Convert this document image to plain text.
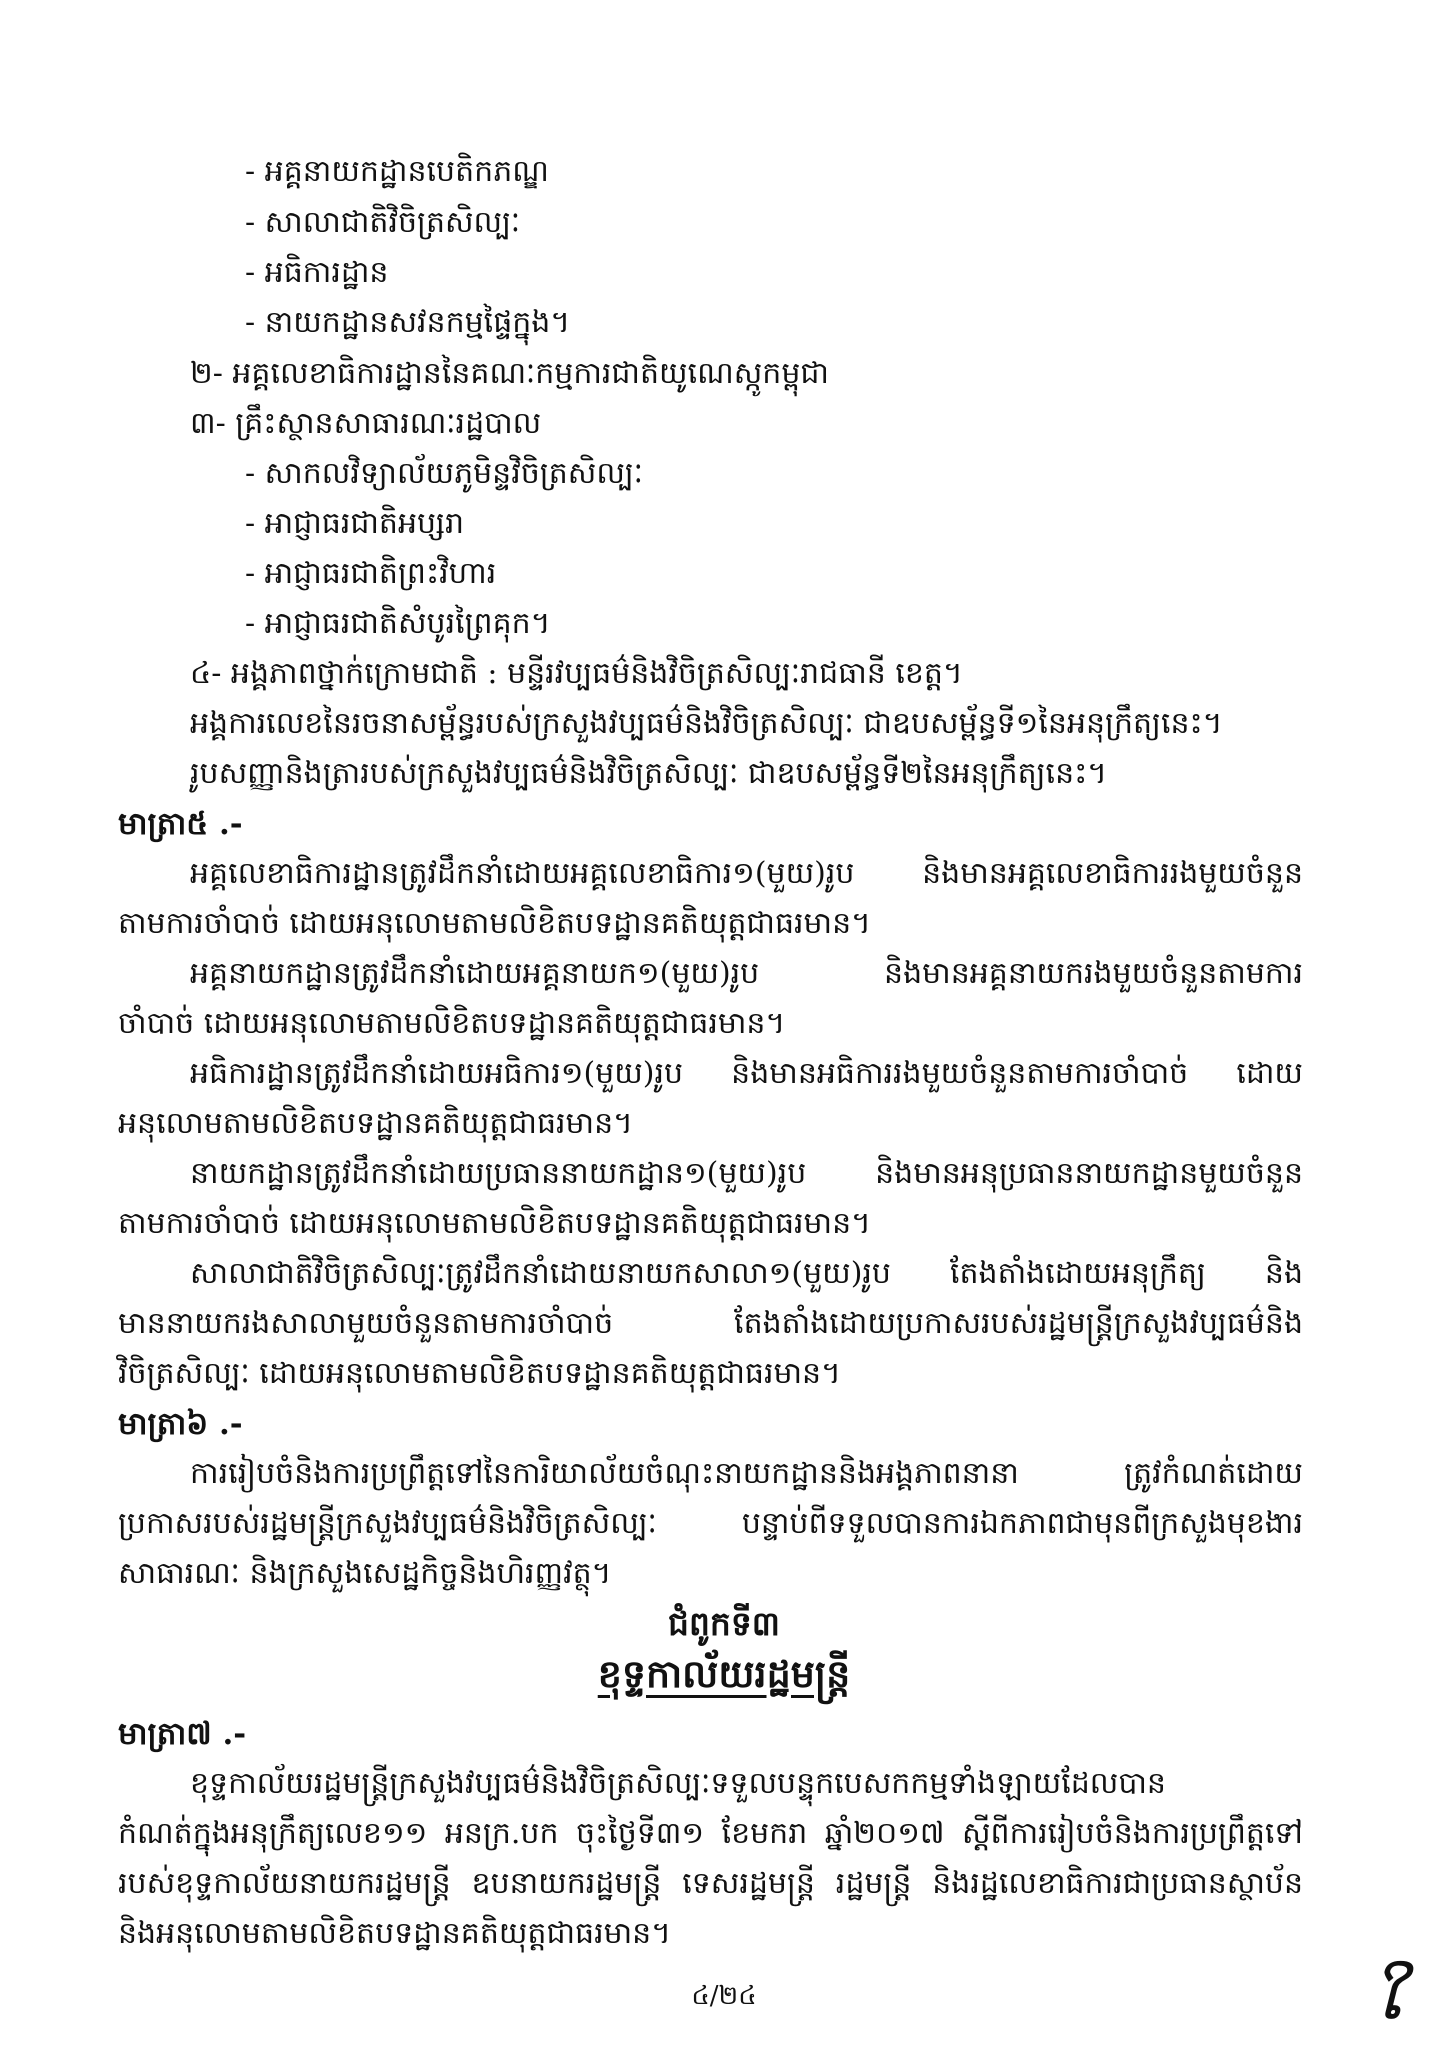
- អគ្គនាយកដ្ឋានបេតិកភណ្ឌ
- សាលាជាតិវិចិត្រសិល្បៈ
- អធិការដ្ឋាន
- នាយកដ្ឋានសវនកម្មផ្ទៃក្នុង។
២- អគ្គលេខាធិការដ្ឋាននៃគណៈកម្មការជាតិយូណេស្កូកម្ពុជា
៣- គ្រឹះស្ថានសាធារណៈរដ្ឋបាល
- សាកលវិទ្យាល័យភូមិន្ទវិចិត្រសិល្បៈ
- អាជ្ញាធរជាតិអប្សរា
- អាជ្ញាធរជាតិព្រះវិហារ
- អាជ្ញាធរជាតិសំបូរព្រៃគុក។
៤- អង្គភាពថ្នាក់ក្រោមជាតិ : មន្ទីរវប្បធម៌និងវិចិត្រសិល្បៈរាជធានី ខេត្ត។
អង្គការលេខនៃរចនាសម្ព័ន្ធរបស់ក្រសួងវប្បធម៌និងវិចិត្រសិល្បៈ ជាឧបសម្ព័ន្ធទី១នៃអនុក្រឹត្យនេះ។
រូបសញ្ញានិងត្រារបស់ក្រសួងវប្បធម៌និងវិចិត្រសិល្បៈ ជាឧបសម្ព័ន្ធទី២នៃអនុក្រឹត្យនេះ។
មាត្រា៥ .-
អគ្គលេខាធិការដ្ឋានត្រូវដឹកនាំដោយអគ្គលេខាធិការ១(មួយ)រូប និងមានអគ្គលេខាធិការរងមួយចំនួន
តាមការចាំបាច់ ដោយអនុលោមតាមលិខិតបទដ្ឋានគតិយុត្តជាធរមាន។
អគ្គនាយកដ្ឋានត្រូវដឹកនាំដោយអគ្គនាយក១(មួយ)រូប និងមានអគ្គនាយករងមួយចំនួនតាមការ
ចាំបាច់ ដោយអនុលោមតាមលិខិតបទដ្ឋានគតិយុត្តជាធរមាន។
អធិការដ្ឋានត្រូវដឹកនាំដោយអធិការ១(មួយ)រូប និងមានអធិការរងមួយចំនួនតាមការចាំបាច់ ដោយ
អនុលោមតាមលិខិតបទដ្ឋានគតិយុត្តជាធរមាន។
នាយកដ្ឋានត្រូវដឹកនាំដោយប្រធាននាយកដ្ឋាន១(មួយ)រូប និងមានអនុប្រធាននាយកដ្ឋានមួយចំនួន
តាមការចាំបាច់ ដោយអនុលោមតាមលិខិតបទដ្ឋានគតិយុត្តជាធរមាន។
សាលាជាតិវិចិត្រសិល្បៈត្រូវដឹកនាំដោយនាយកសាលា១(មួយ)រូប តែងតាំងដោយអនុក្រឹត្យ និង
មាននាយករងសាលាមួយចំនួនតាមការចាំបាច់ តែងតាំងដោយប្រកាសរបស់រដ្ឋមន្ត្រីក្រសួងវប្បធម៌និង
វិចិត្រសិល្បៈ ដោយអនុលោមតាមលិខិតបទដ្ឋានគតិយុត្តជាធរមាន។
មាត្រា៦ .-
ការរៀបចំនិងការប្រព្រឹត្តទៅនៃការិយាល័យចំណុះនាយកដ្ឋាននិងអង្គភាពនានា ត្រូវកំណត់ដោយ
ប្រកាសរបស់រដ្ឋមន្ត្រីក្រសួងវប្បធម៌និងវិចិត្រសិល្បៈ បន្ទាប់ពីទទួលបានការឯកភាពជាមុនពីក្រសួងមុខងារ
សាធារណៈ និងក្រសួងសេដ្ឋកិច្ចនិងហិរញ្ញវត្ថុ។
ជំពូកទី៣
ខុទ្ទកាល័យរដ្ឋមន្ត្រី
មាត្រា៧ .-
ខុទ្ទកាល័យរដ្ឋមន្ត្រីក្រសួងវប្បធម៌និងវិចិត្រសិល្បៈទទួលបន្ទុកបេសកកម្មទាំងឡាយដែលបាន
កំណត់ក្នុងអនុក្រឹត្យលេខ១១ អនក្រ.បក ចុះថ្ងៃទី៣១ ខែមករា ឆ្នាំ២០១៧ ស្តីពីការរៀបចំនិងការប្រព្រឹត្តទៅ
របស់ខុទ្ទកាល័យនាយករដ្ឋមន្ត្រី ឧបនាយករដ្ឋមន្ត្រី ទេសរដ្ឋមន្ត្រី រដ្ឋមន្ត្រី និងរដ្ឋលេខាធិការជាប្រធានស្ថាប័ន
និងអនុលោមតាមលិខិតបទដ្ឋានគតិយុត្តជាធរមាន។
៤/២៤	ໃ
